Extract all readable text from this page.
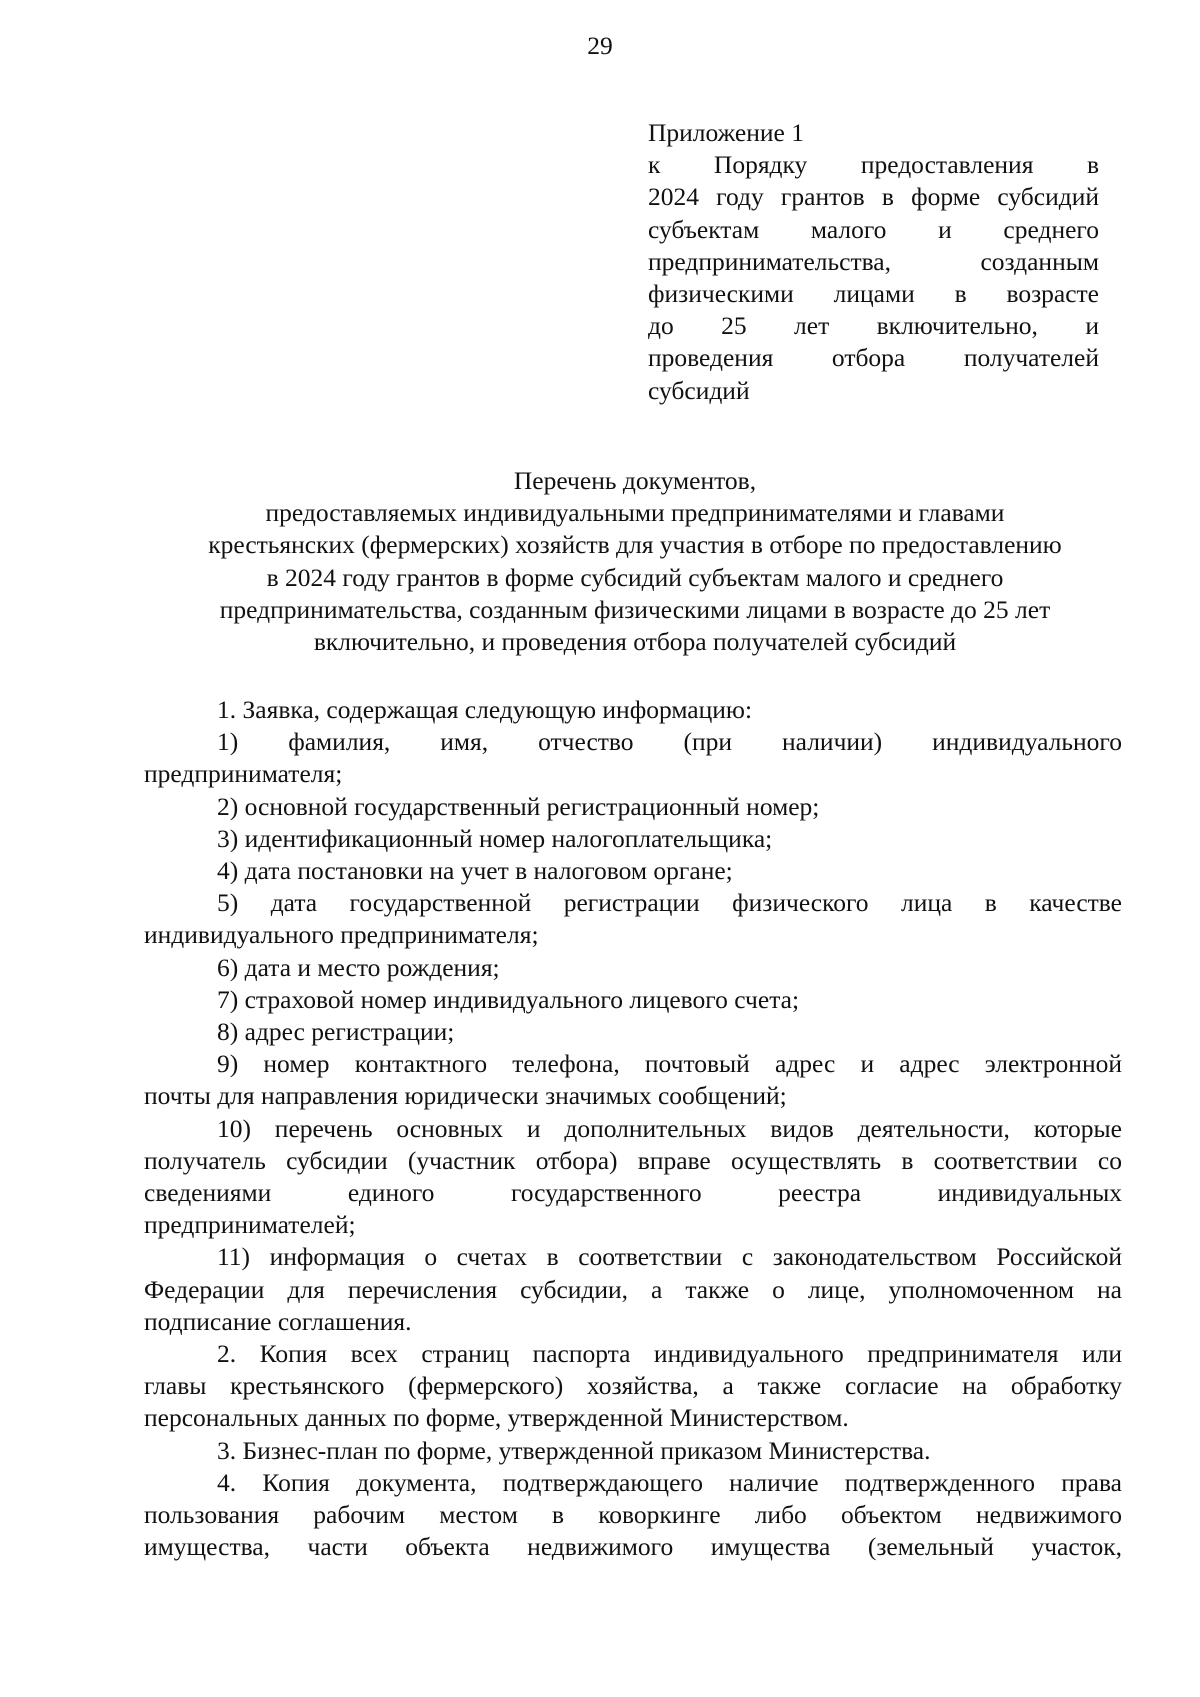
29
Приложение 1
к Порядку предоставления в
2024 году грантов в форме субсидий
субъектам малого и среднего
предпринимательства, созданным
физическими лицами в возрасте
до 25 лет включительно, и
проведения отбора получателей
субсидий
Перечень документов,
предоставляемых индивидуальными предпринимателями и главами
крестьянских (фермерских) хозяйств для участия в отборе по предоставлению
в 2024 году грантов в форме субсидий субъектам малого и среднего
предпринимательства, созданным физическими лицами в возрасте до 25 лет
включительно, и проведения отбора получателей субсидий
1. Заявка, содержащая следующую информацию:
1) фамилия, имя, отчество (при наличии) индивидуального
предпринимателя;
2) основной государственный регистрационный номер;
3) идентификационный номер налогоплательщика;
4) дата постановки на учет в налоговом органе;
5) дата государственной регистрации физического лица в качестве
индивидуального предпринимателя;
6) дата и место рождения;
7) страховой номер индивидуального лицевого счета;
8) адрес регистрации;
9) номер контактного телефона, почтовый адрес и адрес электронной
почты для направления юридически значимых сообщений;
10) перечень основных и дополнительных видов деятельности, которые
получатель субсидии (участник отбора) вправе осуществлять в соответствии со
сведениями единого государственного реестра индивидуальных
предпринимателей;
11) информация о счетах в соответствии с законодательством Российской
Федерации для перечисления субсидии, а также о лице, уполномоченном на
подписание соглашения.
2. Копия всех страниц паспорта индивидуального предпринимателя или
главы крестьянского (фермерского) хозяйства, а также согласие на обработку
персональных данных по форме, утвержденной Министерством.
3. Бизнес-план по форме, утвержденной приказом Министерства.
4. Копия документа, подтверждающего наличие подтвержденного права
пользования рабочим местом в коворкинге либо объектом недвижимого
имущества, части объекта недвижимого имущества (земельный участок,
